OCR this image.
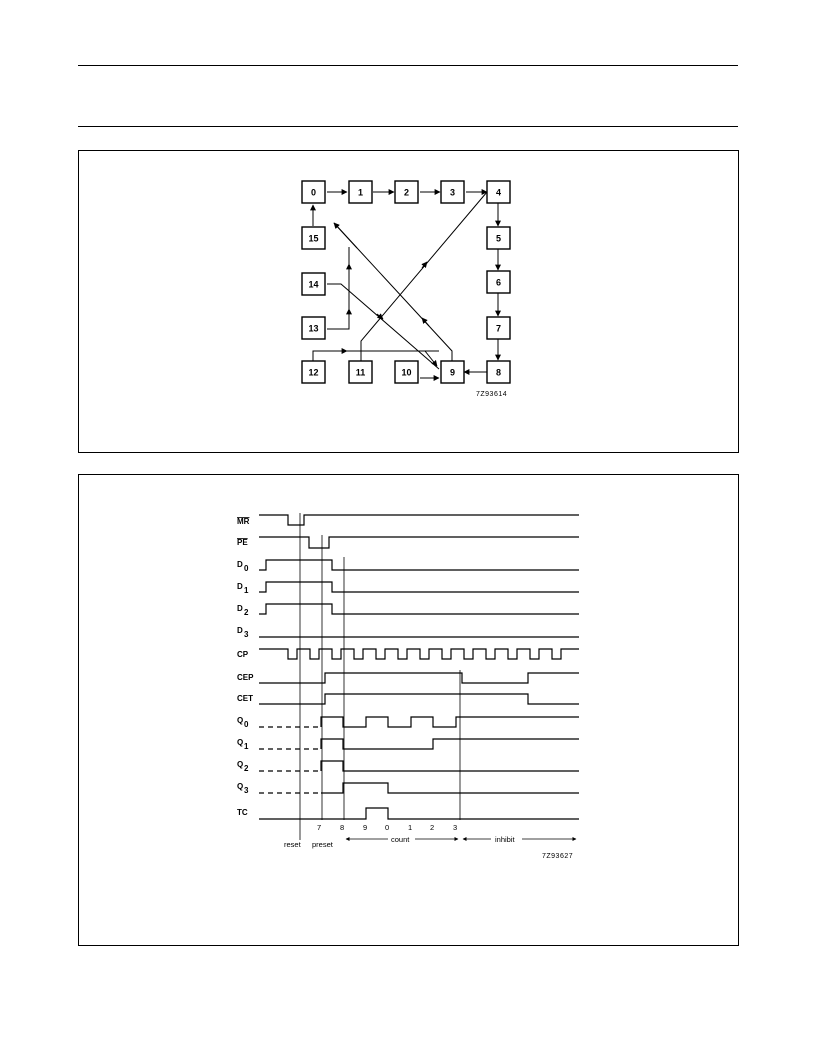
0	1	2	3	4
5
6
7
8
9
10
11
12
13
14
15
7Z93614
MR
PE
D 0
D 1
D 2
D 3
CP
CEP
CET
Q 0
Q 1
Q 2
Q 3
TC
7	8	9 0	1 2	3
reset preset
count	inhibit
7Z93627
